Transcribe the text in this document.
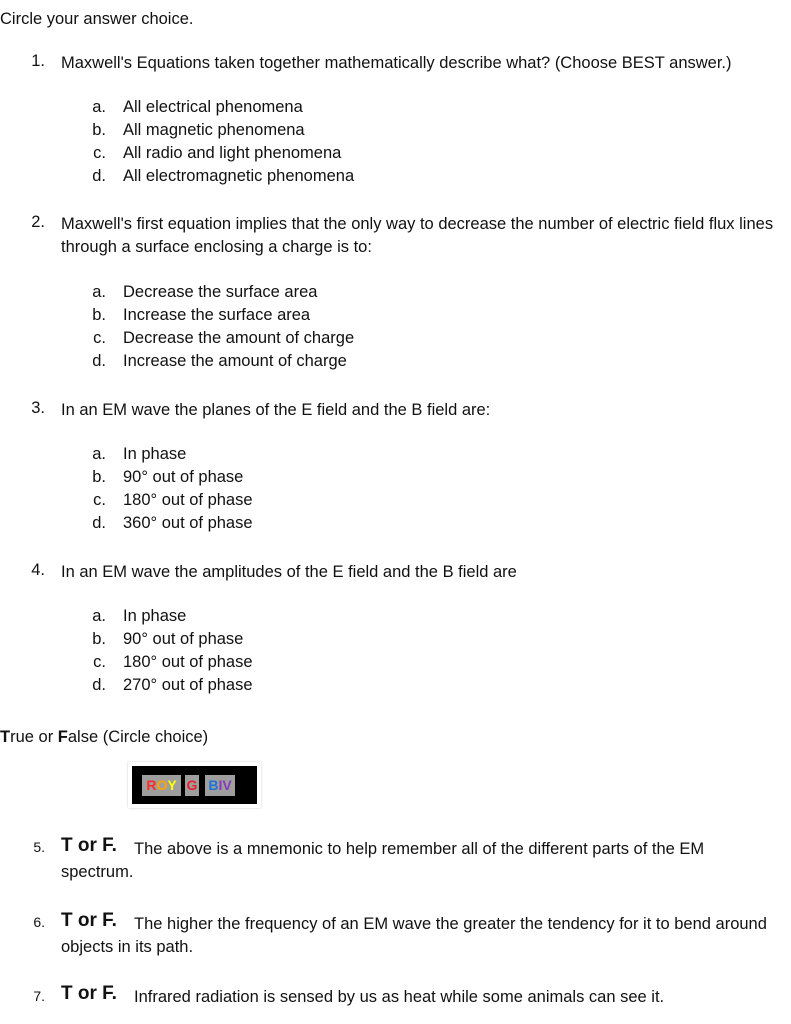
Circle your answer choice.
1. Maxwell's Equations taken together mathematically describe what? (Choose BEST answer.)
a. All electrical phenomena
b. All magnetic phenomena
c. All radio and light phenomena
d. All electromagnetic phenomena
2. Maxwell's first equation implies that the only way to decrease the number of electric field flux lines through a surface enclosing a charge is to:
a. Decrease the surface area
b. Increase the surface area
c. Decrease the amount of charge
d. Increase the amount of charge
3. In an EM wave the planes of the E field and the B field are:
a. In phase
b. 90° out of phase
c. 180° out of phase
d. 360° out of phase
4. In an EM wave the amplitudes of the E field and the B field are
a. In phase
b. 90° out of phase
c. 180° out of phase
d. 270° out of phase
True or False (Circle choice)
ROY G BIV
5. T or F.	The above is a mnemonic to help remember all of the different parts of the EM spectrum.
6. T or F.	The higher the frequency of an EM wave the greater the tendency for it to bend around objects in its path.
7. T or F. Infrared radiation is sensed by us as heat while some animals can see it.
